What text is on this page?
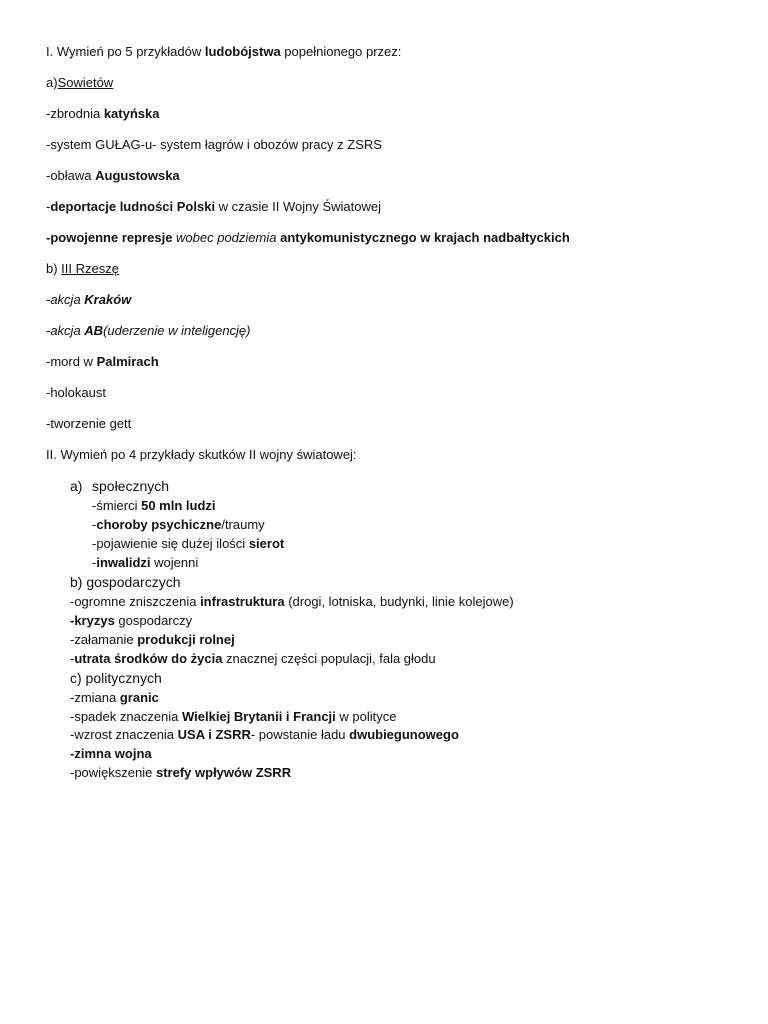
I. Wymień po 5 przykładów ludobójstwa popełnionego przez:
a)Sowietów
-zbrodnia katyńska
-system GUŁAG-u- system łagrów i obozów pracy z ZSRS
-obława Augustowska
-deportacje ludności Polski w czasie II Wojny Światowej
-powojenne represje wobec podziemia antykomunistycznego w krajach nadbałtyckich
b) III Rzeszę
-akcja Kraków
-akcja AB(uderzenie w inteligencję)
-mord w Palmirach
-holokaust
-tworzenie gett
II. Wymień po 4 przykłady skutków II wojny światowej:
a) społecznych
-śmierci 50 mln ludzi
-choroby psychiczne/traumy
-pojawienie się dużej ilości sierot
-inwalidzi wojenni
b) gospodarczych
-ogromne zniszczenia infrastruktura (drogi, lotniska, budynki, linie kolejowe)
-kryzys gospodarczy
-załamanie produkcji rolnej
-utrata środków do życia znacznej części populacji, fala głodu
c) politycznych
-zmiana granic
-spadek znaczenia Wielkiej Brytanii i Francji w polityce
-wzrost znaczenia USA i ZSRR- powstanie ładu dwubiegunowego
-zimna wojna
-powiększenie strefy wpływów ZSRR
